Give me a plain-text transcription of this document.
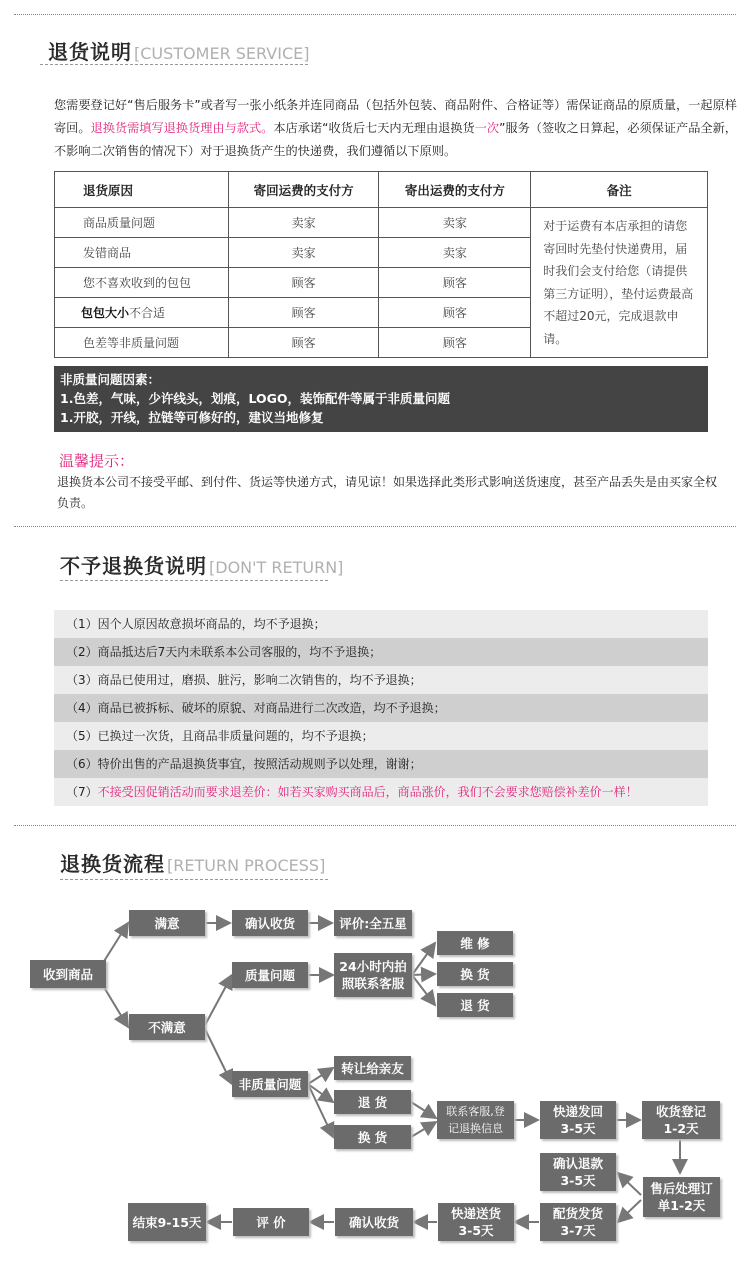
退货说明 [CUSTOMER SERVICE]
您需要登记好“售后服务卡”或者写一张小纸条并连同商品（包括外包装、商品附件、合格证等）需保证商品的原质量，一起原样寄回。退换货需填写退换货理由与款式。本店承诺“收货后七天内无理由退换货一次”服务（签收之日算起，必须保证产品全新，不影响二次销售的情况下）对于退换货产生的快递费，我们遵循以下原则。
退货原因	寄回运费的支付方	寄出运费的支付方	备注
商品质量问题	卖家	卖家	对于运费有本店承担的请您寄回时先垫付快递费用，届时我们会支付给您（请提供第三方证明），垫付运费最高不超过20元，完成退款申请。
发错商品	卖家	卖家	
您不喜欢收到的包包	顾客	顾客	
包包大小不合适	顾客	顾客	
色差等非质量问题	顾客	顾客	
非质量问题因素：
1.色差，气味，少许线头，划痕，LOGO，装饰配件等属于非质量问题
1.开胶，开线，拉链等可修好的，建议当地修复
温馨提示：
退换货本公司不接受平邮、到付件、货运等快递方式，请见谅！如果选择此类形式影响送货速度，甚至产品丢失是由买家全权负责。
不予退换货说明 [DON'T RETURN]
（1）因个人原因故意损坏商品的，均不予退换；
（2）商品抵达后7天内未联系本公司客服的，均不予退换；
（3）商品已使用过，磨损、脏污，影响二次销售的，均不予退换；
（4）商品已被拆标、破坏的原貌、对商品进行二次改造，均不予退换；
（5）已换过一次货，且商品非质量问题的，均不予退换；
（6）特价出售的产品退换货事宜，按照活动规则予以处理，谢谢；
（7）不接受因促销活动而要求退差价：如若买家购买商品后，商品涨价，我们不会要求您赔偿补差价一样！
退换货流程 [RETURN PROCESS]
收到商品
满意	确认收货	评价:全五星
不满意
质量问题
24小时内拍照联系客服
维 修
换 货
退 货
非质量问题
转让给亲友
退 货
换 货
联系客服,登记退换信息
快递发回
3-5天
收货登记
1-2天
确认退款
3-5天
售后处理订单1-2天
配货发货
3-7天
快递送货
3-5天
确认收货
评 价
结束9-15天
